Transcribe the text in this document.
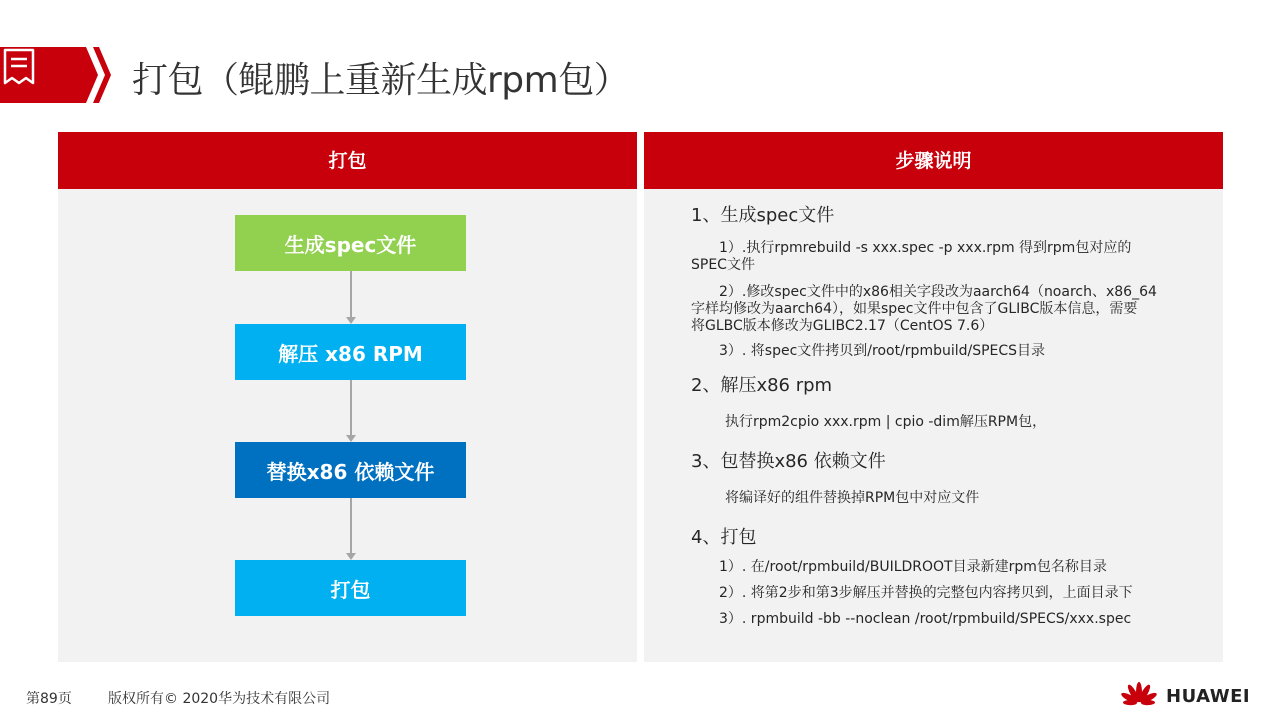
打包（鲲鹏上重新生成rpm包）
打包
生成spec文件
解压 x86 RPM
替换x86 依赖文件
打包
步骤说明
1、生成spec文件
1）.执行rpmrebuild -s xxx.spec -p xxx.rpm 得到rpm包对应的
SPEC文件
2）.修改spec文件中的x86相关字段改为aarch64（noarch、x86_64
字样均修改为aarch64），如果spec文件中包含了GLIBC版本信息，需要
将GLBC版本修改为GLIBC2.17（CentOS 7.6）
3）. 将spec文件拷贝到/root/rpmbuild/SPECS目录
2、解压x86 rpm
执行rpm2cpio xxx.rpm | cpio -dim解压RPM包，
3、包替换x86 依赖文件
将编译好的组件替换掉RPM包中对应文件
4、打包
1）. 在/root/rpmbuild/BUILDROOT目录新建rpm包名称目录
2）. 将第2步和第3步解压并替换的完整包内容拷贝到，上面目录下
3）. rpmbuild -bb --noclean /root/rpmbuild/SPECS/xxx.spec
第89页	版权所有© 2020华为技术有限公司	HUAWEI
